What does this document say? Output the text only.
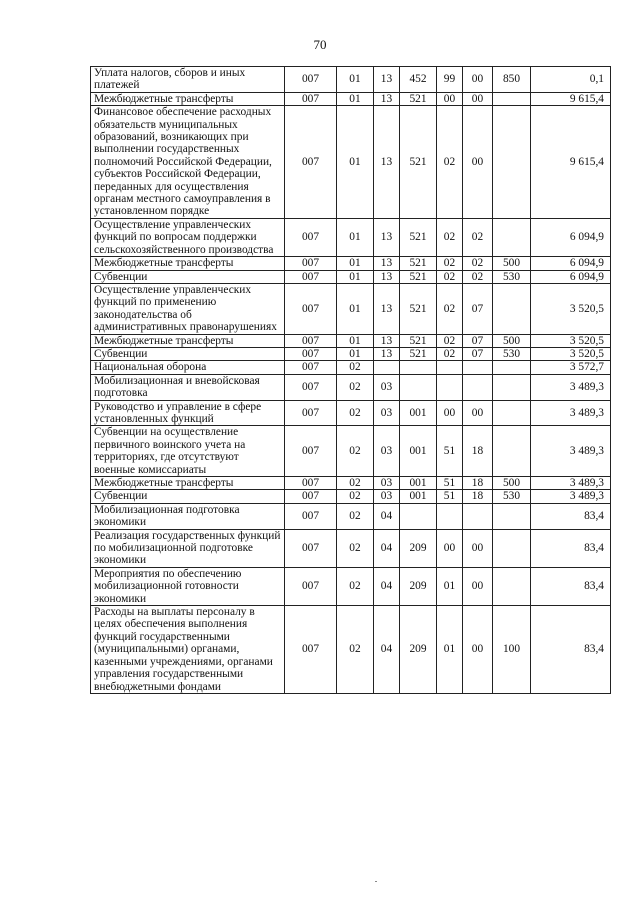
70
Уплата налогов, сборов и иных платежей	007	01	13	452	99	00	850	0,1
Межбюджетные трансферты	007	01	13	521	00	00		9 615,4
Финансовое обеспечение расходных обязательств муниципальных образований, возникающих при выполнении государственных полномочий Российской Федерации, субъектов Российской Федерации, переданных для осуществления органам местного самоуправления в установленном порядке	007	01	13	521	02	00		9 615,4
Осуществление управленческих функций по вопросам поддержки сельскохозяйственного производства	007	01	13	521	02	02		6 094,9
Межбюджетные трансферты	007	01	13	521	02	02	500	6 094,9
Субвенции	007	01	13	521	02	02	530	6 094,9
Осуществление управленческих функций по применению законодательства об административных правонарушениях	007	01	13	521	02	07		3 520,5
Межбюджетные трансферты	007	01	13	521	02	07	500	3 520,5
Субвенции	007	01	13	521	02	07	530	3 520,5
Национальная оборона	007	02						3 572,7
Мобилизационная и вневойсковая подготовка	007	02	03					3 489,3
Руководство и управление в сфере установленных функций	007	02	03	001	00	00		3 489,3
Субвенции на осуществление первичного воинского учета на территориях, где отсутствуют военные комиссариаты	007	02	03	001	51	18		3 489,3
Межбюджетные трансферты	007	02	03	001	51	18	500	3 489,3
Субвенции	007	02	03	001	51	18	530	3 489,3
Мобилизационная подготовка экономики	007	02	04					83,4
Реализация государственных функций по мобилизационной подготовке экономики	007	02	04	209	00	00		83,4
Мероприятия по обеспечению мобилизационной готовности экономики	007	02	04	209	01	00		83,4
Расходы на выплаты персоналу в целях обеспечения выполнения функций государственными (муниципальными) органами, казенными учреждениями, органами управления государственными внебюджетными фондами	007	02	04	209	01	00	100	83,4
